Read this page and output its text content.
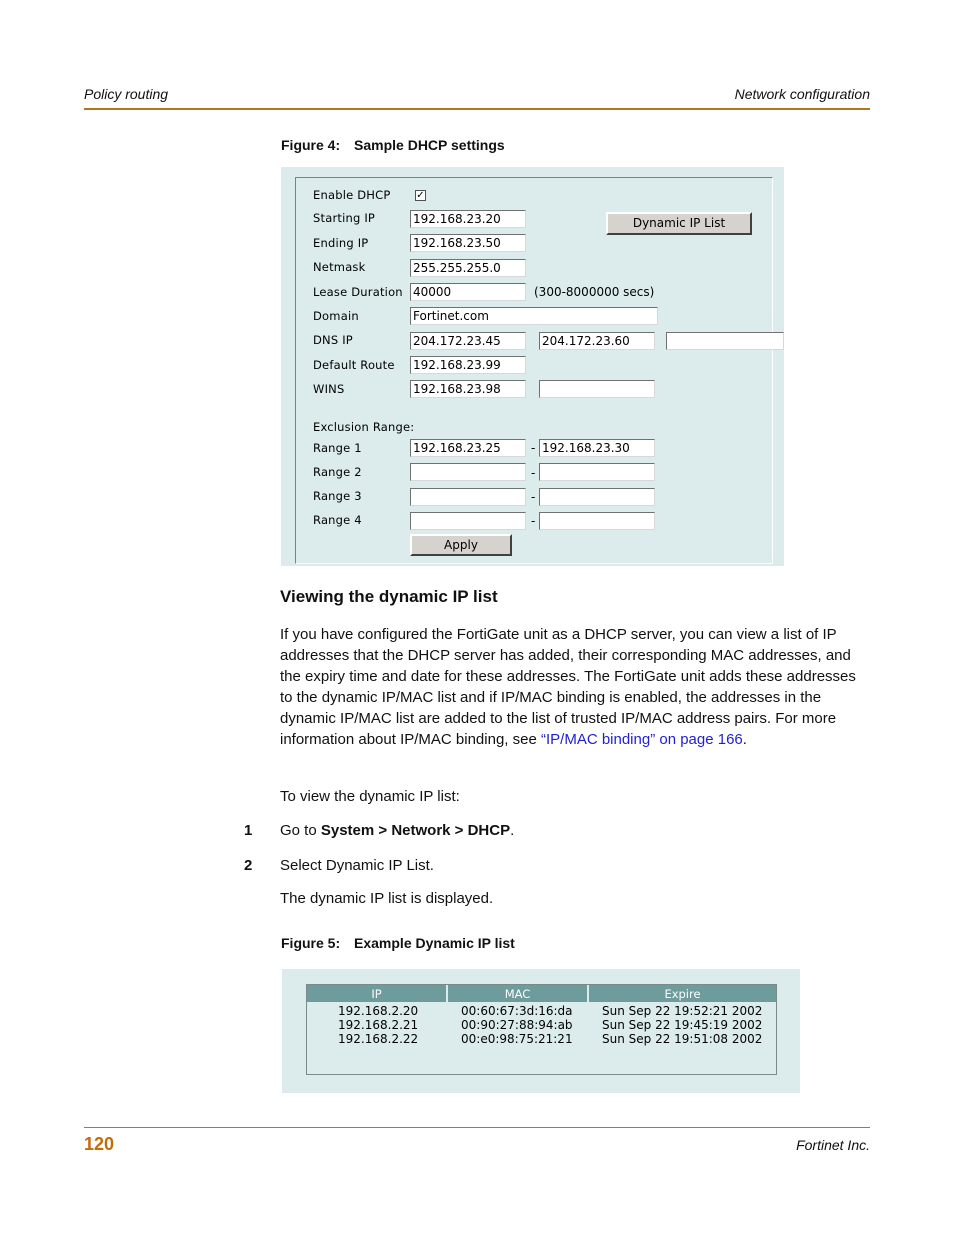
Policy routing	Network configuration
Figure 4: Sample DHCP settings
Enable DHCP	✓
Dynamic IP List
Starting IP	192.168.23.20
Ending IP	192.168.23.50
Netmask	255.255.255.0
Lease Duration 40000	(300-8000000 secs)
Domain	Fortinet.com
DNS IP	204.172.23.45	204.172.23.60
Default Route 192.168.23.99
WINS	192.168.23.98
Exclusion Range:
Range 1	192.168.23.25	- 192.168.23.30
Range 2	-
Range 3	-
Range 4	-
Apply
Viewing the dynamic IP list

If you have configured the FortiGate unit as a DHCP server, you can view a list of IP addresses that the DHCP server has added, their corresponding MAC addresses, and the expiry time and date for these addresses. The FortiGate unit adds these addresses to the dynamic IP/MAC list and if IP/MAC binding is enabled, the addresses in the dynamic IP/MAC list are added to the list of trusted IP/MAC address pairs. For more information about IP/MAC binding, see “IP/MAC binding” on page 166.

To view the dynamic IP list:

1 Go to System > Network > DHCP.
2 Select Dynamic IP List.

The dynamic IP list is displayed.

Figure 5: Example Dynamic IP list
IP	MAC	Expire
192.168.2.20	00:60:67:3d:16:da Sun Sep 22 19:52:21 2002
192.168.2.21	00:90:27:88:94:ab Sun Sep 22 19:45:19 2002
192.168.2.22	00:e0:98:75:21:21 Sun Sep 22 19:51:08 2002
120	Fortinet Inc.
